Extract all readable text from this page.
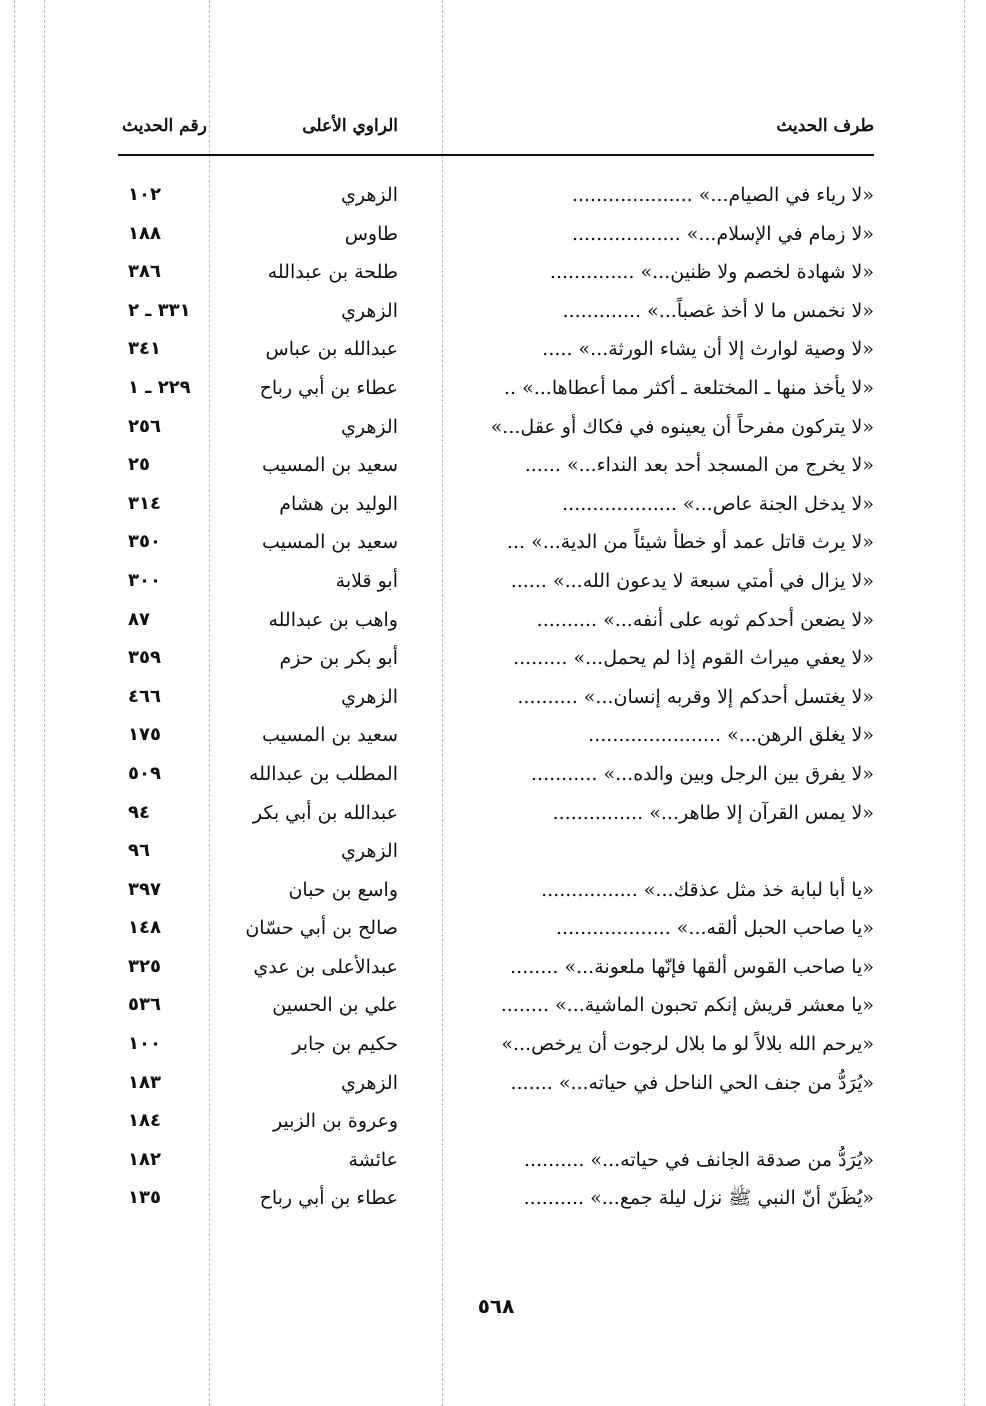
طرف الحديث
الراوي الأعلى
رقم الحديث
«لا رياء في الصيام...» ....................
الزهري
١٠٢
«لا زمام في الإسلام...» ..................
طاوس
١٨٨
«لا شهادة لخصم ولا ظنين...» ..............
طلحة بن عبدالله
٣٨٦
«لا نخمس ما لا أخذ غصباً...» .............
الزهري
٣٣١ ـ ٢
«لا وصية لوارث إلا أن يشاء الورثة...» .....
عبدالله بن عباس
٣٤١
«لا يأخذ منها ـ المختلعة ـ أكثر مما أعطاها...» ..
عطاء بن أبي رباح
٢٢٩ ـ ١
«لا يتركون مفرحاً أن يعينوه في فكاك أو عقل...»
الزهري
٢٥٦
«لا يخرج من المسجد أحد بعد النداء...» ......
سعيد بن المسيب
٢٥
«لا يدخل الجنة عاص...» ...................
الوليد بن هشام
٣١٤
«لا يرث قاتل عمد أو خطأ شيئاً من الدية...» ...
سعيد بن المسيب
٣٥٠
«لا يزال في أمتي سبعة لا يدعون الله...» ......
أبو قلابة
٣٠٠
«لا يضعن أحدكم ثوبه على أنفه...» ..........
واهب بن عبدالله
٨٧
«لا يعفي ميراث القوم إذا لم يحمل...» .........
أبو بكر بن حزم
٣٥٩
«لا يغتسل أحدكم إلا وقربه إنسان...» ..........
الزهري
٤٦٦
«لا يغلق الرهن...» ......................
سعيد بن المسيب
١٧٥
«لا يفرق بين الرجل وبين والده...» ...........
المطلب بن عبدالله
٥٠٩
«لا يمس القرآن إلا طاهر...» ...............
عبدالله بن أبي بكر
٩٤
الزهري
٩٦
«يا أبا لبابة خذ مثل عذقك...» ................
واسع بن حبان
٣٩٧
«يا صاحب الحبل ألقه...» ...................
صالح بن أبي حسّان
١٤٨
«يا صاحب القوس ألقها فإنّها ملعونة...» ........
عبدالأعلى بن عدي
٣٢٥
«يا معشر قريش إنكم تحبون الماشية...» ........
علي بن الحسين
٥٣٦
«يرحم الله بلالاً لو ما بلال لرجوت أن يرخص...»
حكيم بن جابر
١٠٠
«يُرَدُّ من جنف الحي الناحل في حياته...» .......
الزهري
١٨٣
وعروة بن الزبير
١٨٤
«يُرَدُّ من صدقة الجانف في حياته...» ..........
عائشة
١٨٢
«يُظَنّ أنّ النبي ﷺ نزل ليلة جمع...» ..........
عطاء بن أبي رباح
١٣٥
٥٦٨
